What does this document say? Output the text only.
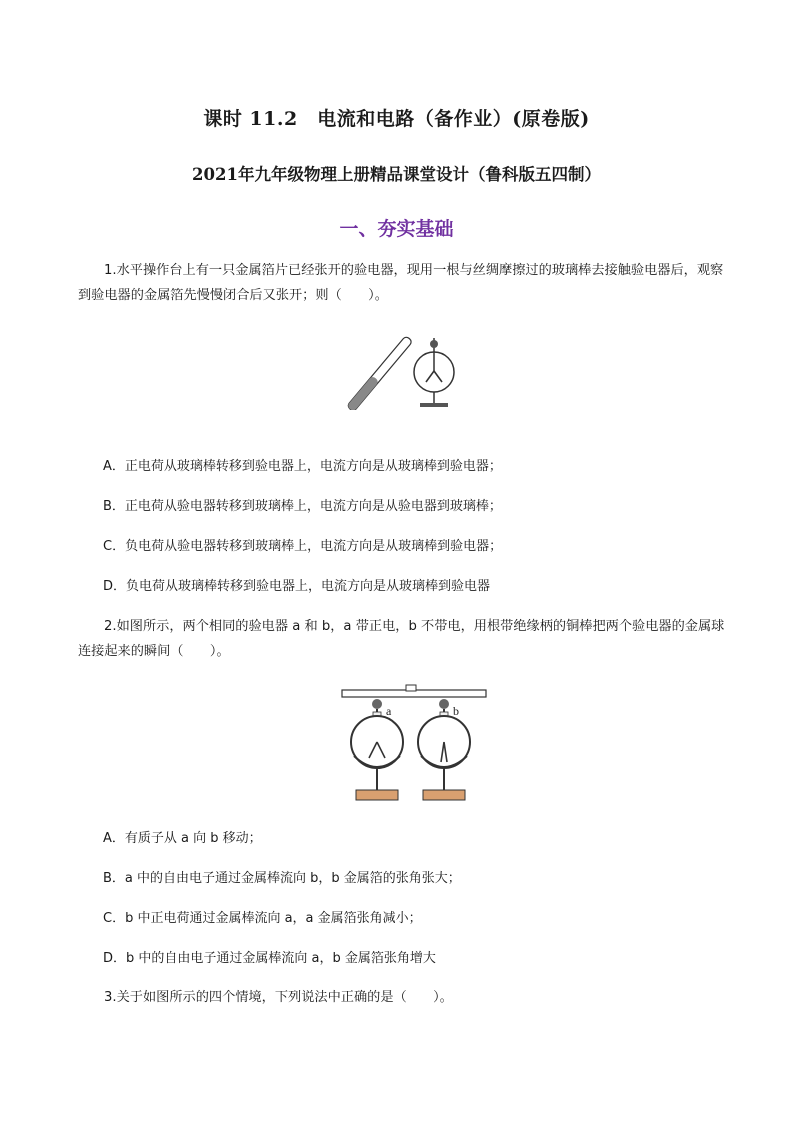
课时 11.2　电流和电路（备作业）(原卷版)
2021年九年级物理上册精品课堂设计（鲁科版五四制）
一、夯实基础
1.水平操作台上有一只金属箔片已经张开的验电器，现用一根与丝绸摩擦过的玻璃棒去接触验电器后，观察到验电器的金属箔先慢慢闭合后又张开；则（　　）。
A．正电荷从玻璃棒转移到验电器上，电流方向是从玻璃棒到验电器；
B．正电荷从验电器转移到玻璃棒上，电流方向是从验电器到玻璃棒；
C．负电荷从验电器转移到玻璃棒上，电流方向是从玻璃棒到验电器；
D．负电荷从玻璃棒转移到验电器上，电流方向是从玻璃棒到验电器
2.如图所示，两个相同的验电器 a 和 b，a 带正电，b 不带电，用根带绝缘柄的铜棒把两个验电器的金属球连接起来的瞬间（　　）。
a	b
A．有质子从 a 向 b 移动；
B．a 中的自由电子通过金属棒流向 b，b 金属箔的张角张大；
C．b 中正电荷通过金属棒流向 a，a 金属箔张角减小；
D．b 中的自由电子通过金属棒流向 a，b 金属箔张角增大
3.关于如图所示的四个情境，下列说法中正确的是（　　）。
